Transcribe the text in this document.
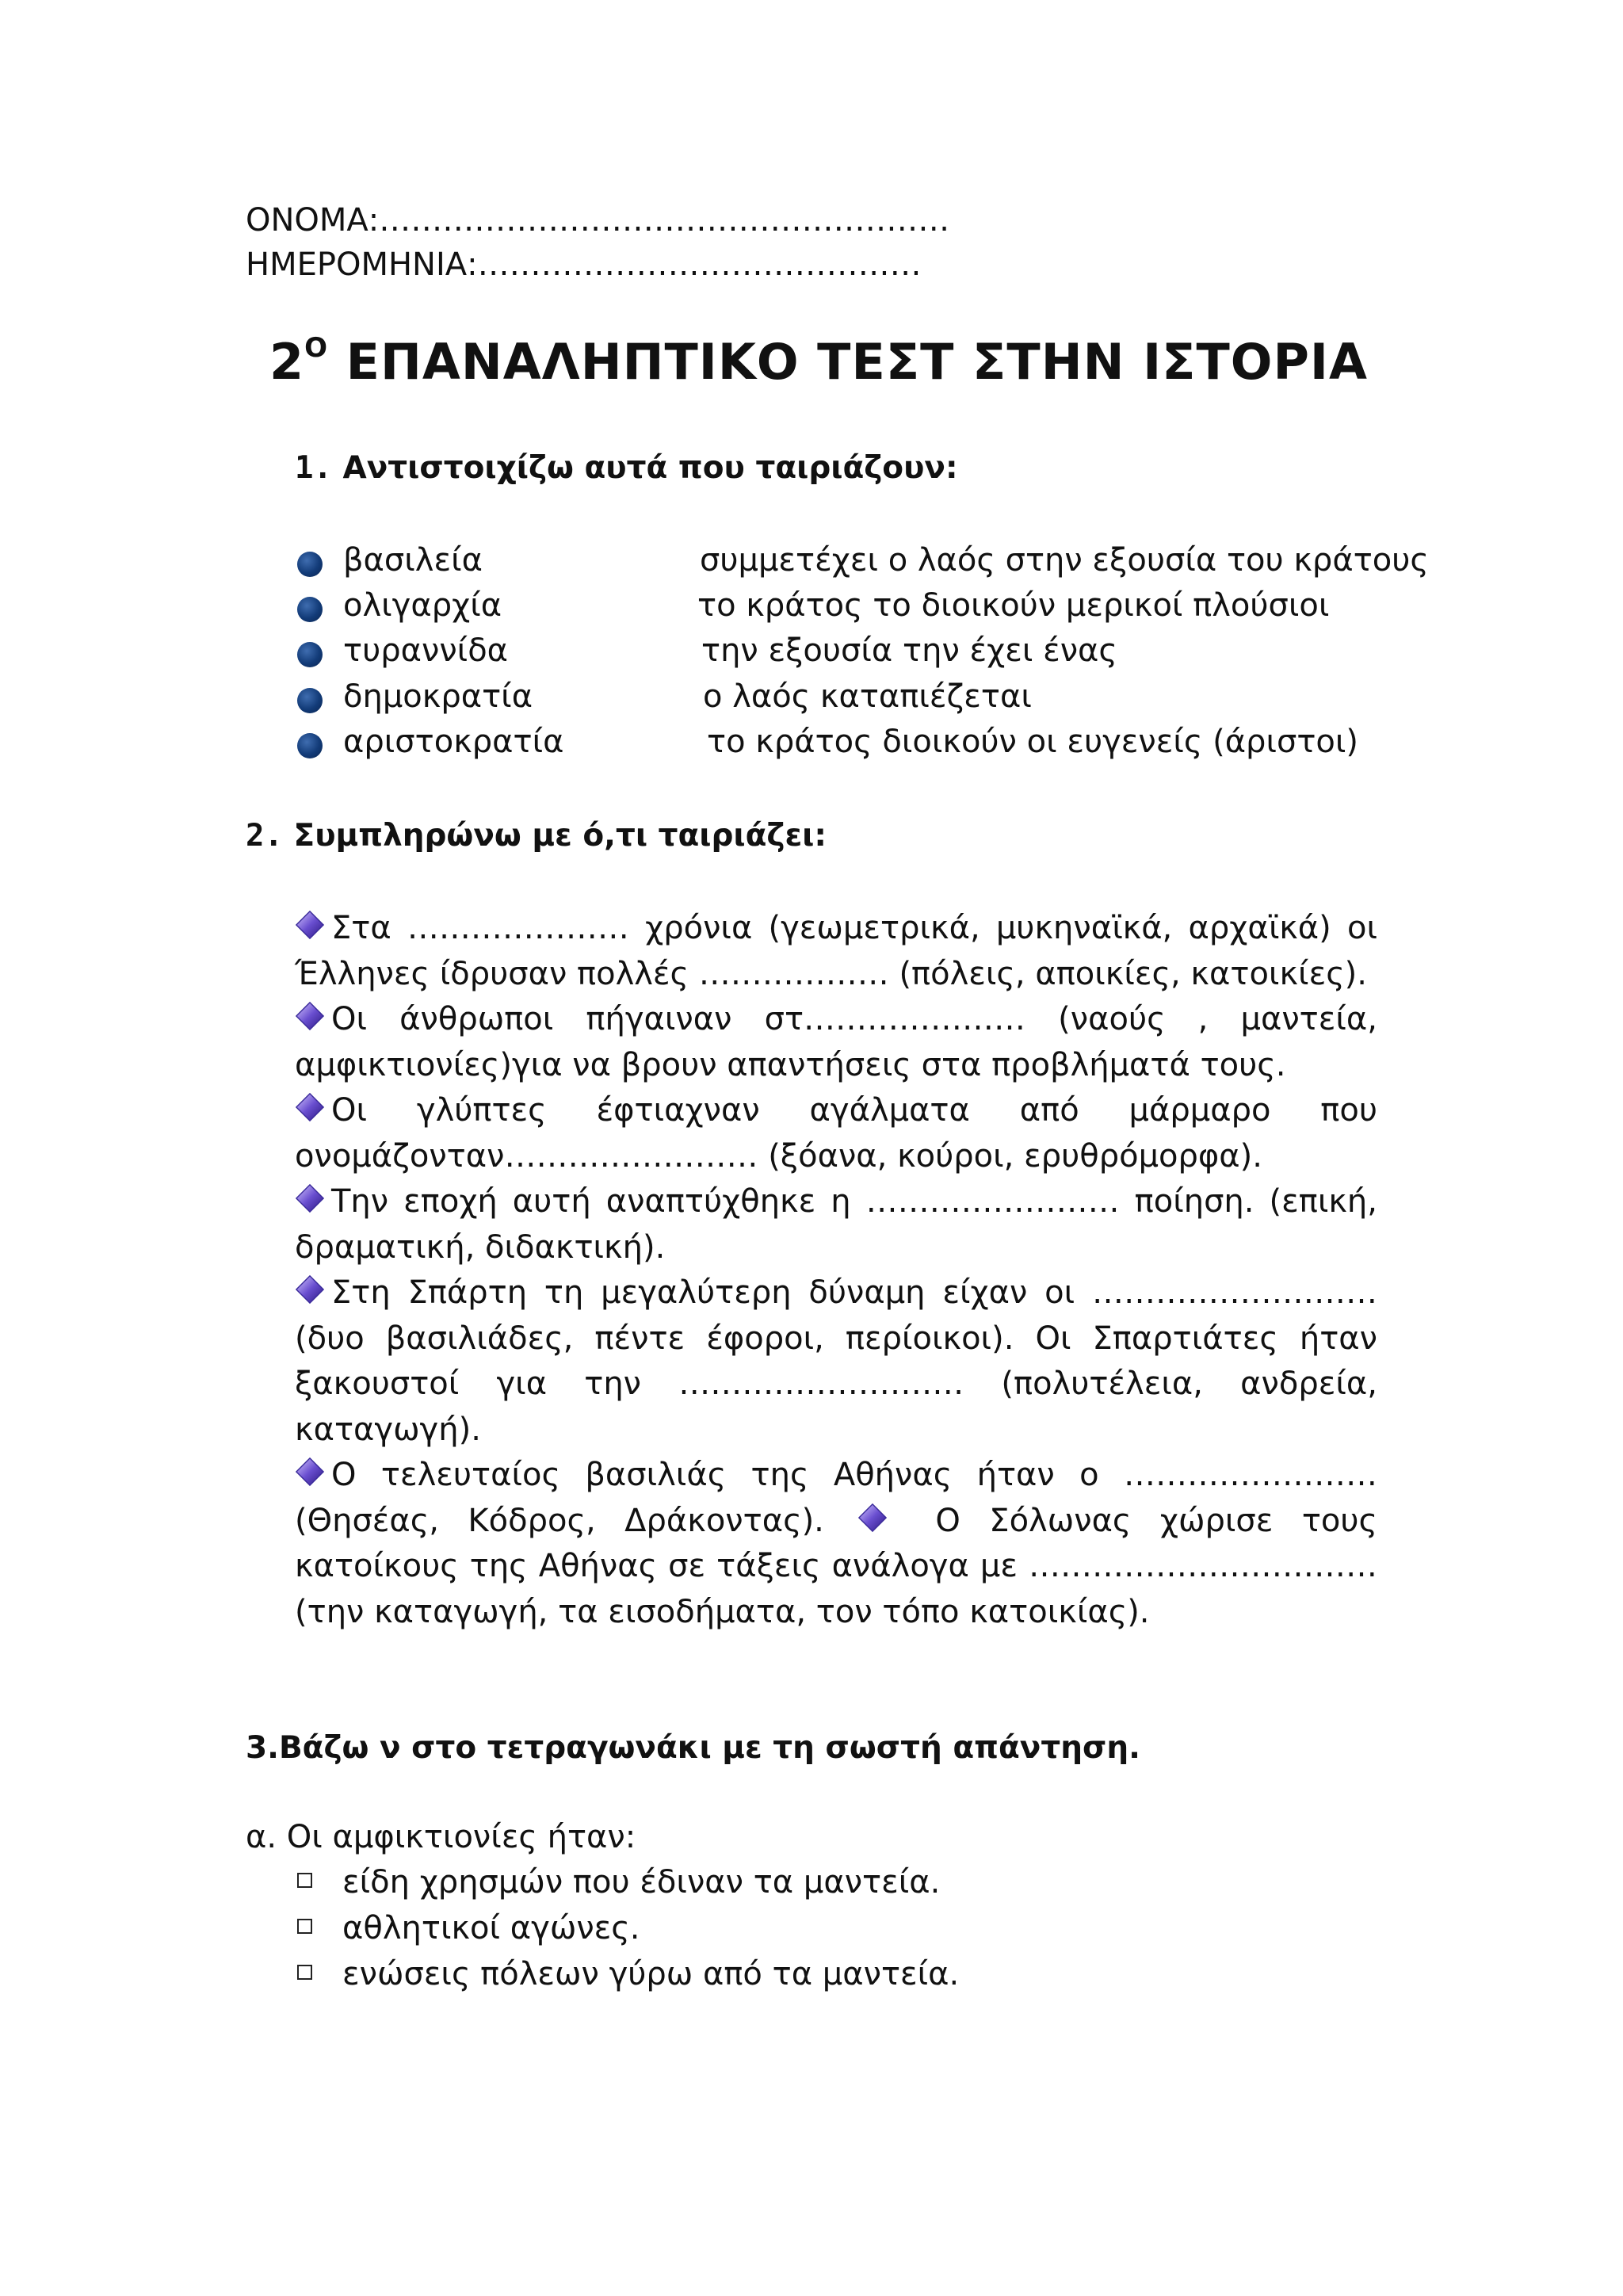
ΟΝΟΜΑ:………………………………………………
ΗΜΕΡΟΜΗΝΙΑ:……………………………………
$2^O$ ΕΠΑΝΑΛΗΠΤΙΚΟ ΤΕΣΤ ΣΤΗΝ ΙΣΤΟΡΙΑ
1. Αντιστοιχίζω αυτά που ταιριάζουν:
βασιλεία	συμμετέχει ο λαός στην εξουσία του κράτους
ολιγαρχία	το κράτος το διοικούν μερικοί πλούσιοι
τυραννίδα	την εξουσία την έχει ένας
δημοκρατία	ο λαός καταπιέζεται
αριστοκρατία	το κράτος διοικούν οι ευγενείς (άριστοι)
2. Συμπληρώνω με ό,τι ταιριάζει:
Στα ………………… χρόνια (γεωμετρικά, μυκηναϊκά, αρχαϊκά) οι Έλληνες ίδρυσαν πολλές ……………… (πόλεις, αποικίες, κατοικίες).
Οι άνθρωποι πήγαιναν στ………………… (ναούς , μαντεία, αμφικτιονίες)για να βρουν απαντήσεις στα προβλήματά τους.
Οι γλύπτες έφτιαχναν αγάλματα από μάρμαρο που ονομάζονταν…………………… (ξόανα, κούροι, ερυθρόμορφα).
Την εποχή αυτή αναπτύχθηκε η …………………… ποίηση. (επική, δραματική, διδακτική).
Στη Σπάρτη τη μεγαλύτερη δύναμη είχαν οι ……………………… (δυο βασιλιάδες, πέντε έφοροι, περίοικοι). Οι Σπαρτιάτες ήταν ξακουστοί για την ……………………… (πολυτέλεια, ανδρεία, καταγωγή).
Ο τελευταίος βασιλιάς της Αθήνας ήταν ο …………………… (Θησέας, Κόδρος, Δράκοντας).	Ο Σόλωνας χώρισε τους κατοίκους της Αθήνας σε τάξεις ανάλογα με …………………………… (την καταγωγή, τα εισοδήματα, τον τόπο κατοικίας).
3.Βάζω ν στο τετραγωνάκι με τη σωστή απάντηση.
α. Οι αμφικτιονίες ήταν:
είδη χρησμών που έδιναν τα μαντεία.
αθλητικοί αγώνες.
ενώσεις πόλεων γύρω από τα μαντεία.
